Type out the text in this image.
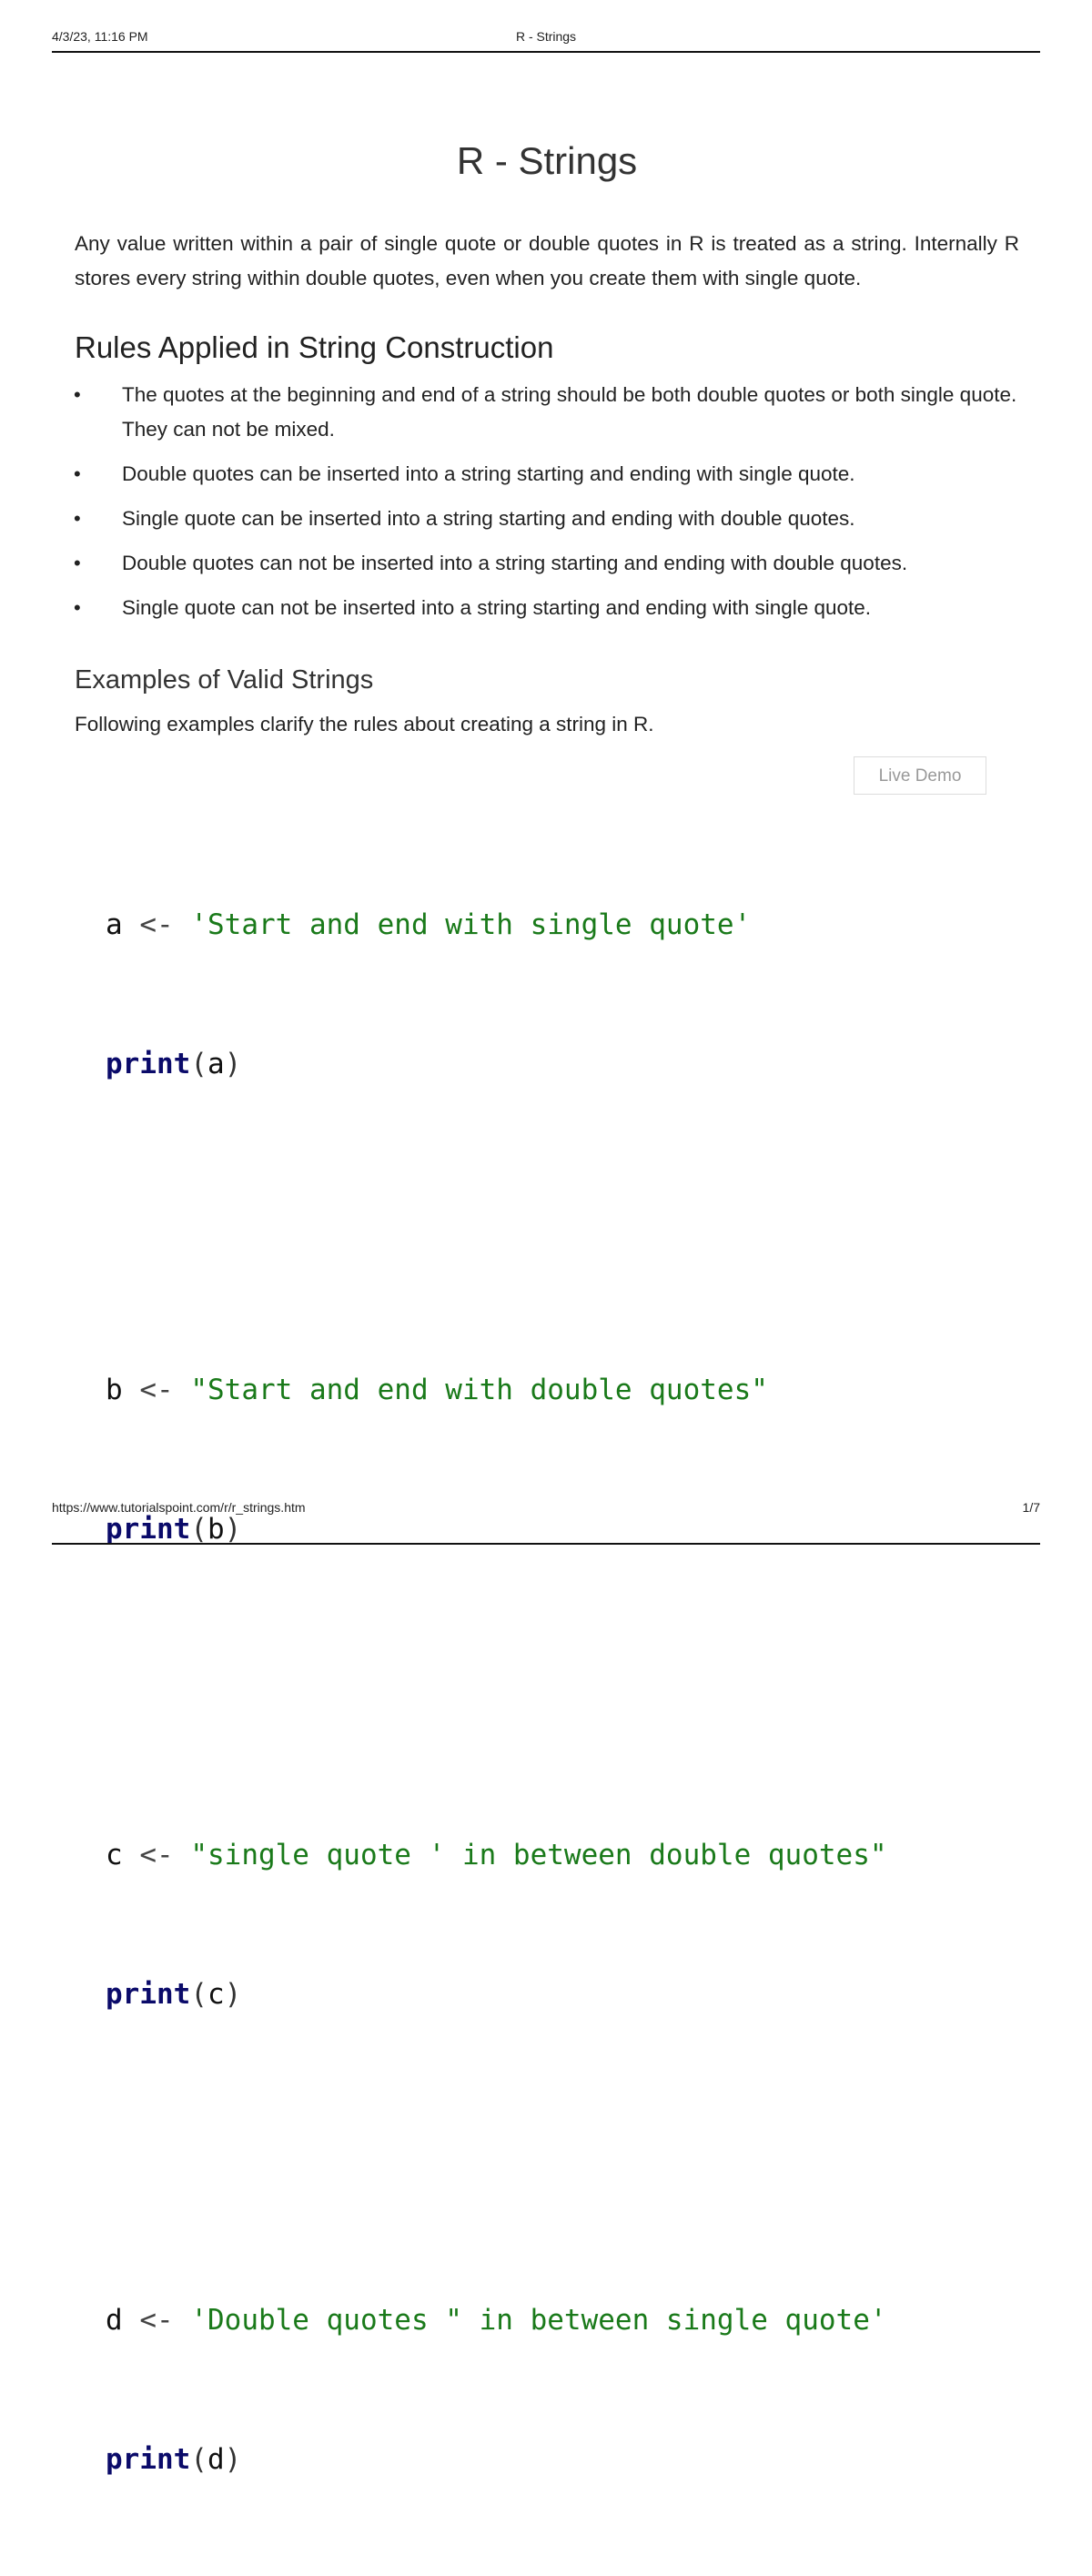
4/3/23, 11:16 PM	R - Strings
R - Strings

Any value written within a pair of single quote or double quotes in R is treated as a string. Internally R stores every string within double quotes, even when you create them with single quote.

Rules Applied in String Construction
• The quotes at the beginning and end of a string should be both double quotes or both single quote. They can not be mixed.
• Double quotes can be inserted into a string starting and ending with single quote.
• Single quote can be inserted into a string starting and ending with double quotes.
• Double quotes can not be inserted into a string starting and ending with double quotes.
• Single quote can not be inserted into a string starting and ending with single quote.
Examples of Valid Strings

Following examples clarify the rules about creating a string in R.

Live Demo

a <- 'Start and end with single quote'

print(a)

b <- "Start and end with double quotes"

print(b)

c <- "single quote ' in between double quotes"

print(c)

d <- 'Double quotes " in between single quote'

print(d)

https://www.tutorialspoint.com/r/r_strings.htm	1/7
